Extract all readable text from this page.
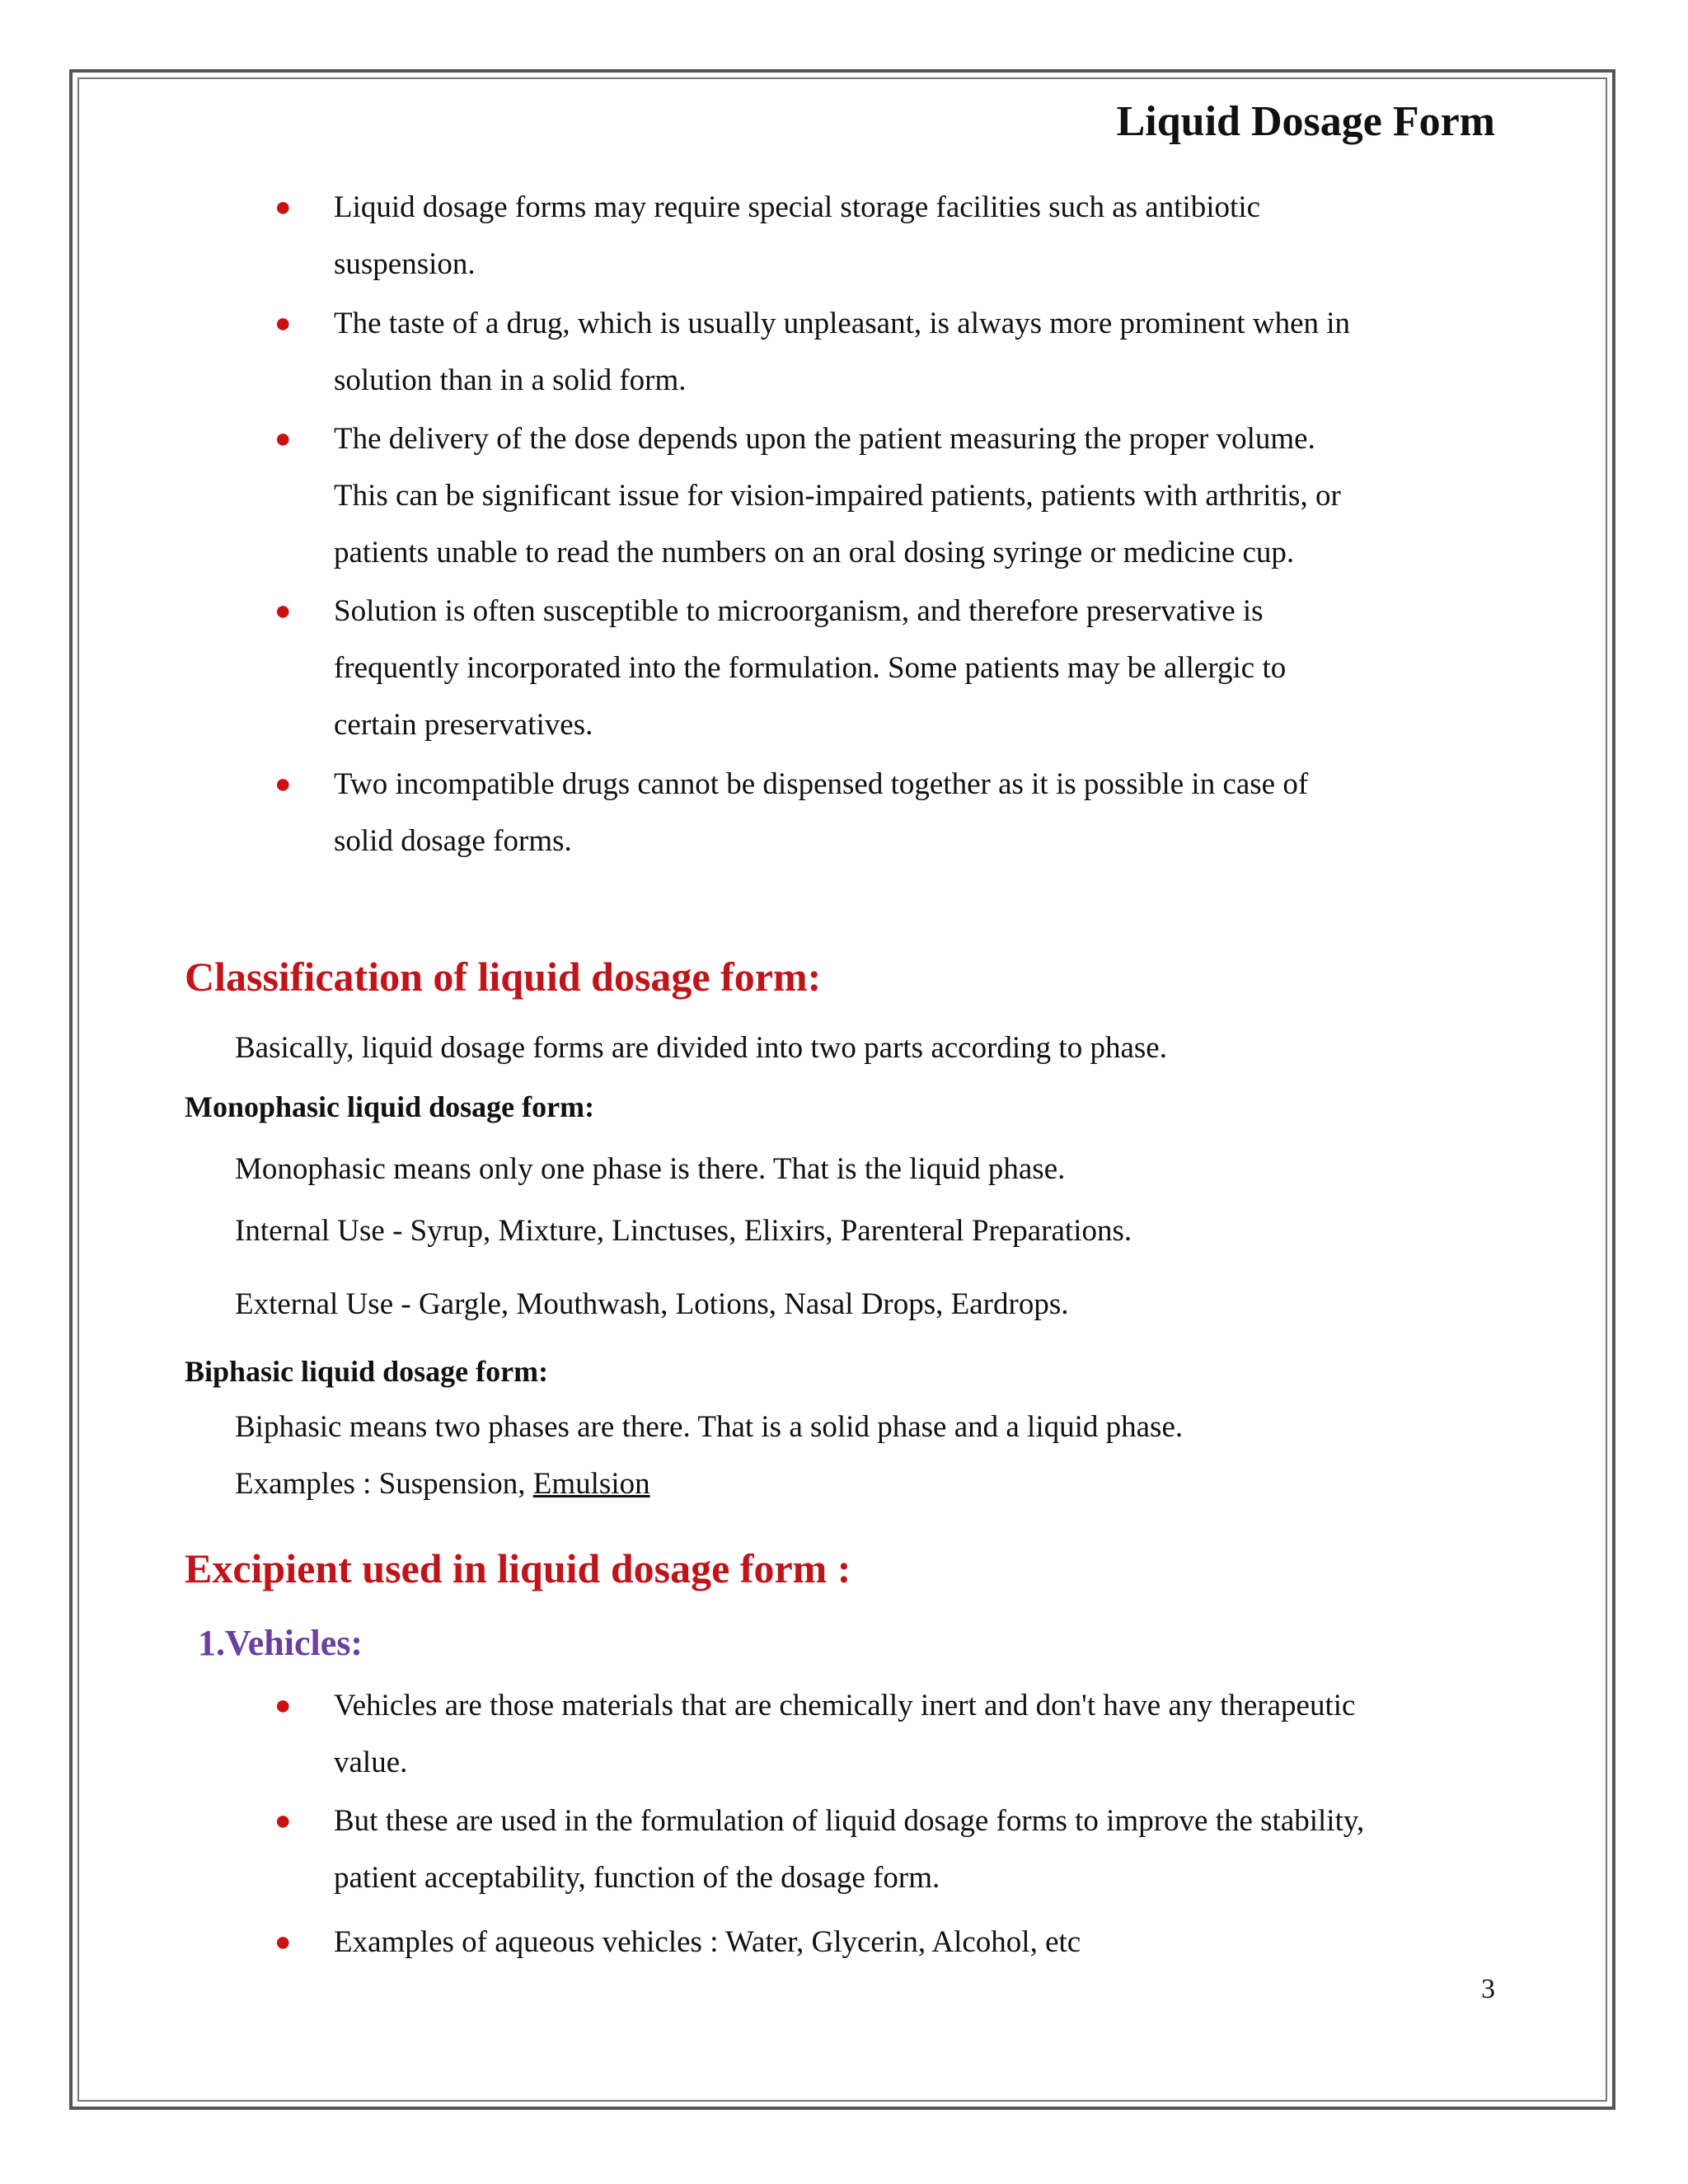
Liquid Dosage Form
● Liquid dosage forms may require special storage facilities such as antibiotic
suspension.
● The taste of a drug, which is usually unpleasant, is always more prominent when in
solution than in a solid form.
● The delivery of the dose depends upon the patient measuring the proper volume.
This can be significant issue for vision-impaired patients, patients with arthritis, or
patients unable to read the numbers on an oral dosing syringe or medicine cup.
● Solution is often susceptible to microorganism, and therefore preservative is
frequently incorporated into the formulation. Some patients may be allergic to
certain preservatives.
● Two incompatible drugs cannot be dispensed together as it is possible in case of
solid dosage forms.
Classification of liquid dosage form:
Basically, liquid dosage forms are divided into two parts according to phase.
Monophasic liquid dosage form:
Monophasic means only one phase is there. That is the liquid phase.
Internal Use - Syrup, Mixture, Linctuses, Elixirs, Parenteral Preparations.
External Use - Gargle, Mouthwash, Lotions, Nasal Drops, Eardrops.
Biphasic liquid dosage form:
Biphasic means two phases are there. That is a solid phase and a liquid phase.
Examples : Suspension, Emulsion
Excipient used in liquid dosage form :
1.Vehicles:
● Vehicles are those materials that are chemically inert and don't have any therapeutic
value.
● But these are used in the formulation of liquid dosage forms to improve the stability,
patient acceptability, function of the dosage form.
● Examples of aqueous vehicles : Water, Glycerin, Alcohol, etc
3
